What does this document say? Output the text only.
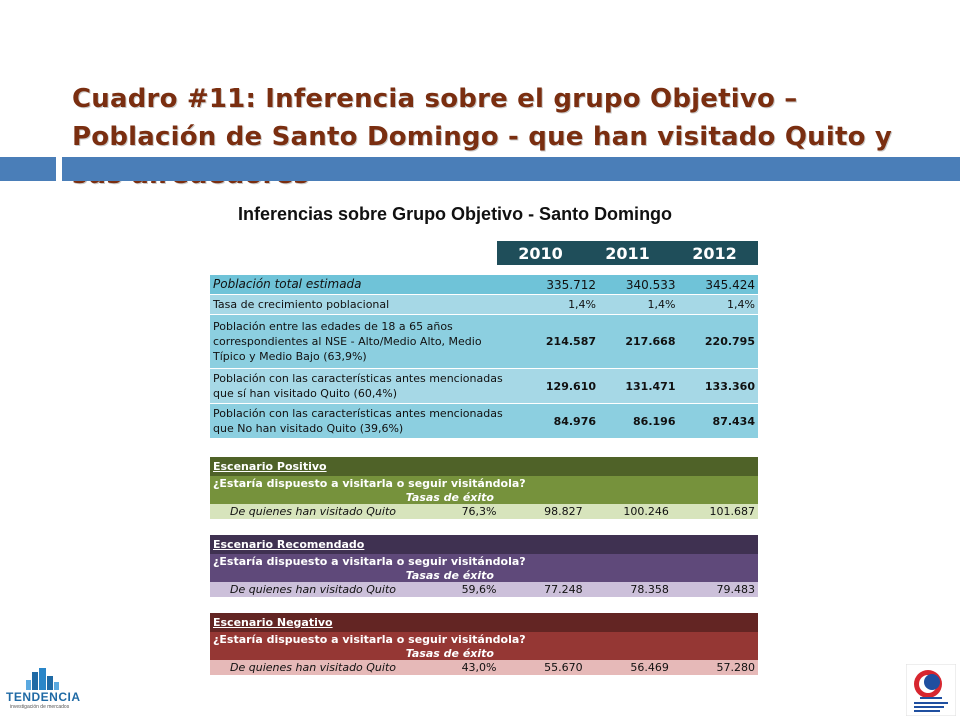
Cuadro #11: Inferencia sobre el grupo Objetivo – Población de Santo Domingo - que han visitado Quito y
Inferencias sobre Grupo Objetivo - Santo Domingo
2010	2011	2012
Población total estimada	335.712	340.533	345.424
Tasa de crecimiento poblacional	1,4%	1,4%	1,4%
Población entre las edades de 18 a 65 años correspondientes al NSE - Alto/Medio Alto, Medio Típico y Medio Bajo (63,9%)	214.587	217.668	220.795
Población con las características antes mencionadas que sí han visitado Quito (60,4%)	129.610	131.471	133.360
Población con las características antes mencionadas que No han visitado Quito (39,6%)	84.976	86.196	87.434
Escenario Positivo
¿Estaría dispuesto a visitarla o seguir visitándola?
Tasas de éxito
De quienes han visitado Quito	76,3%	98.827	100.246	101.687
Escenario Recomendado
¿Estaría dispuesto a visitarla o seguir visitándola?
Tasas de éxito
De quienes han visitado Quito	59,6%	77.248	78.358	79.483
Escenario Negativo
¿Estaría dispuesto a visitarla o seguir visitándola?
Tasas de éxito
De quienes han visitado Quito	43,0%	55.670	56.469	57.280
TENDENCIA
investigación de mercados
